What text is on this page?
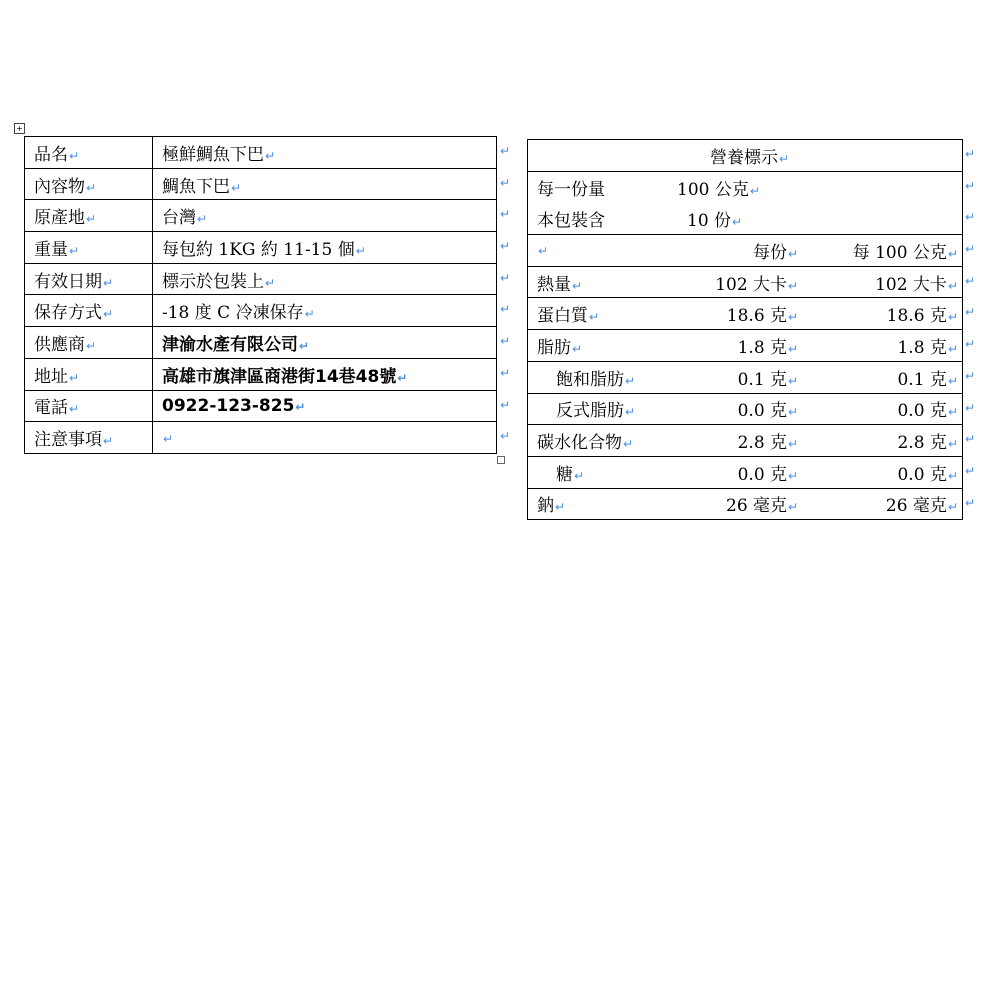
+
品名↵	極鮮鯛魚下巴↵
內容物↵	鯛魚下巴↵
原產地↵	台灣↵
重量↵	每包約 1KG 約 11-15 個↵
有效日期↵	標示於包裝上↵
保存方式↵	-18 度 C 冷凍保存↵
供應商↵	津渝水產有限公司↵
地址↵	高雄市旗津區商港街14巷48號↵
電話↵	0922-123-825↵
注意事項↵	↵
↵
↵
↵
↵
↵
↵
↵
↵
↵
↵
營養標示↵		
每一份量 100 公克↵		
本包裝含 10 份↵		
↵	每份↵	每 100 公克↵
熱量↵	102 大卡↵	102 大卡↵
蛋白質↵	18.6 克↵	18.6 克↵
脂肪↵	1.8 克↵	1.8 克↵
飽和脂肪↵	0.1 克↵	0.1 克↵
反式脂肪↵	0.0 克↵	0.0 克↵
碳水化合物↵	2.8 克↵	2.8 克↵
糖↵	0.0 克↵	0.0 克↵
鈉↵	26 毫克↵	26 毫克↵
↵
↵
↵
↵
↵
↵
↵
↵
↵
↵
↵
↵
